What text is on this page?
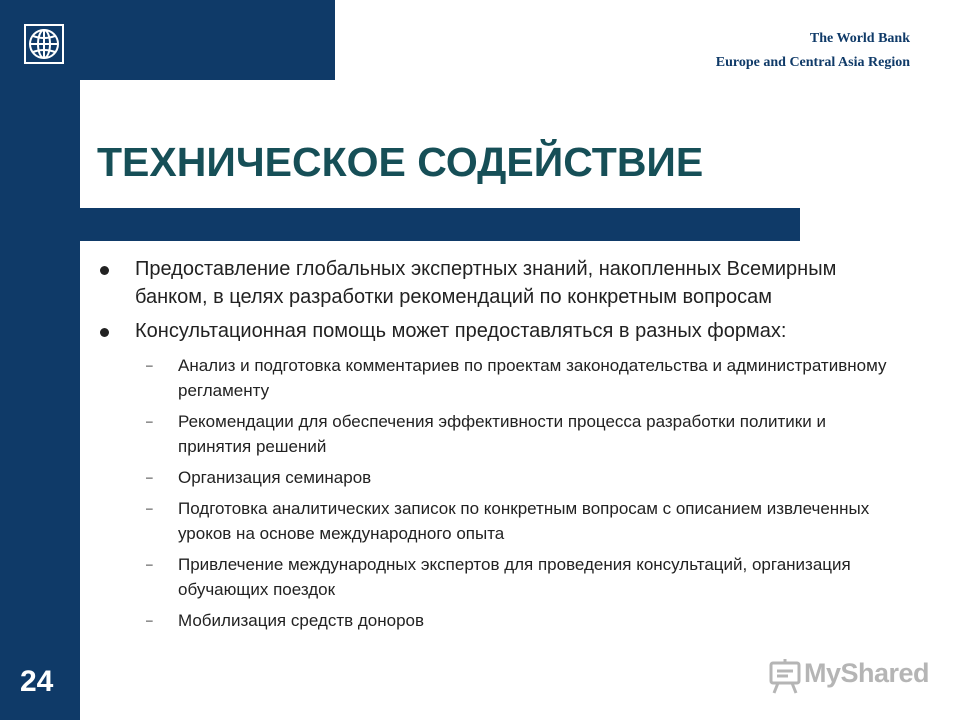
The World Bank
Europe and Central Asia Region
ТЕХНИЧЕСКОЕ СОДЕЙСТВИЕ
Предоставление глобальных экспертных знаний, накопленных Всемирным банком, в целях разработки рекомендаций по конкретным вопросам
Консультационная помощь может предоставляться в разных формах:
– Анализ и подготовка комментариев по проектам законодательства и административному регламенту
– Рекомендации для обеспечения эффективности процесса разработки политики и принятия решений
– Организация семинаров
– Подготовка аналитических записок по конкретным вопросам с описанием извлеченных уроков на основе международного опыта
– Привлечение международных экспертов для проведения консультаций, организация обучающих поездок
– Мобилизация средств доноров
24	MyShared
